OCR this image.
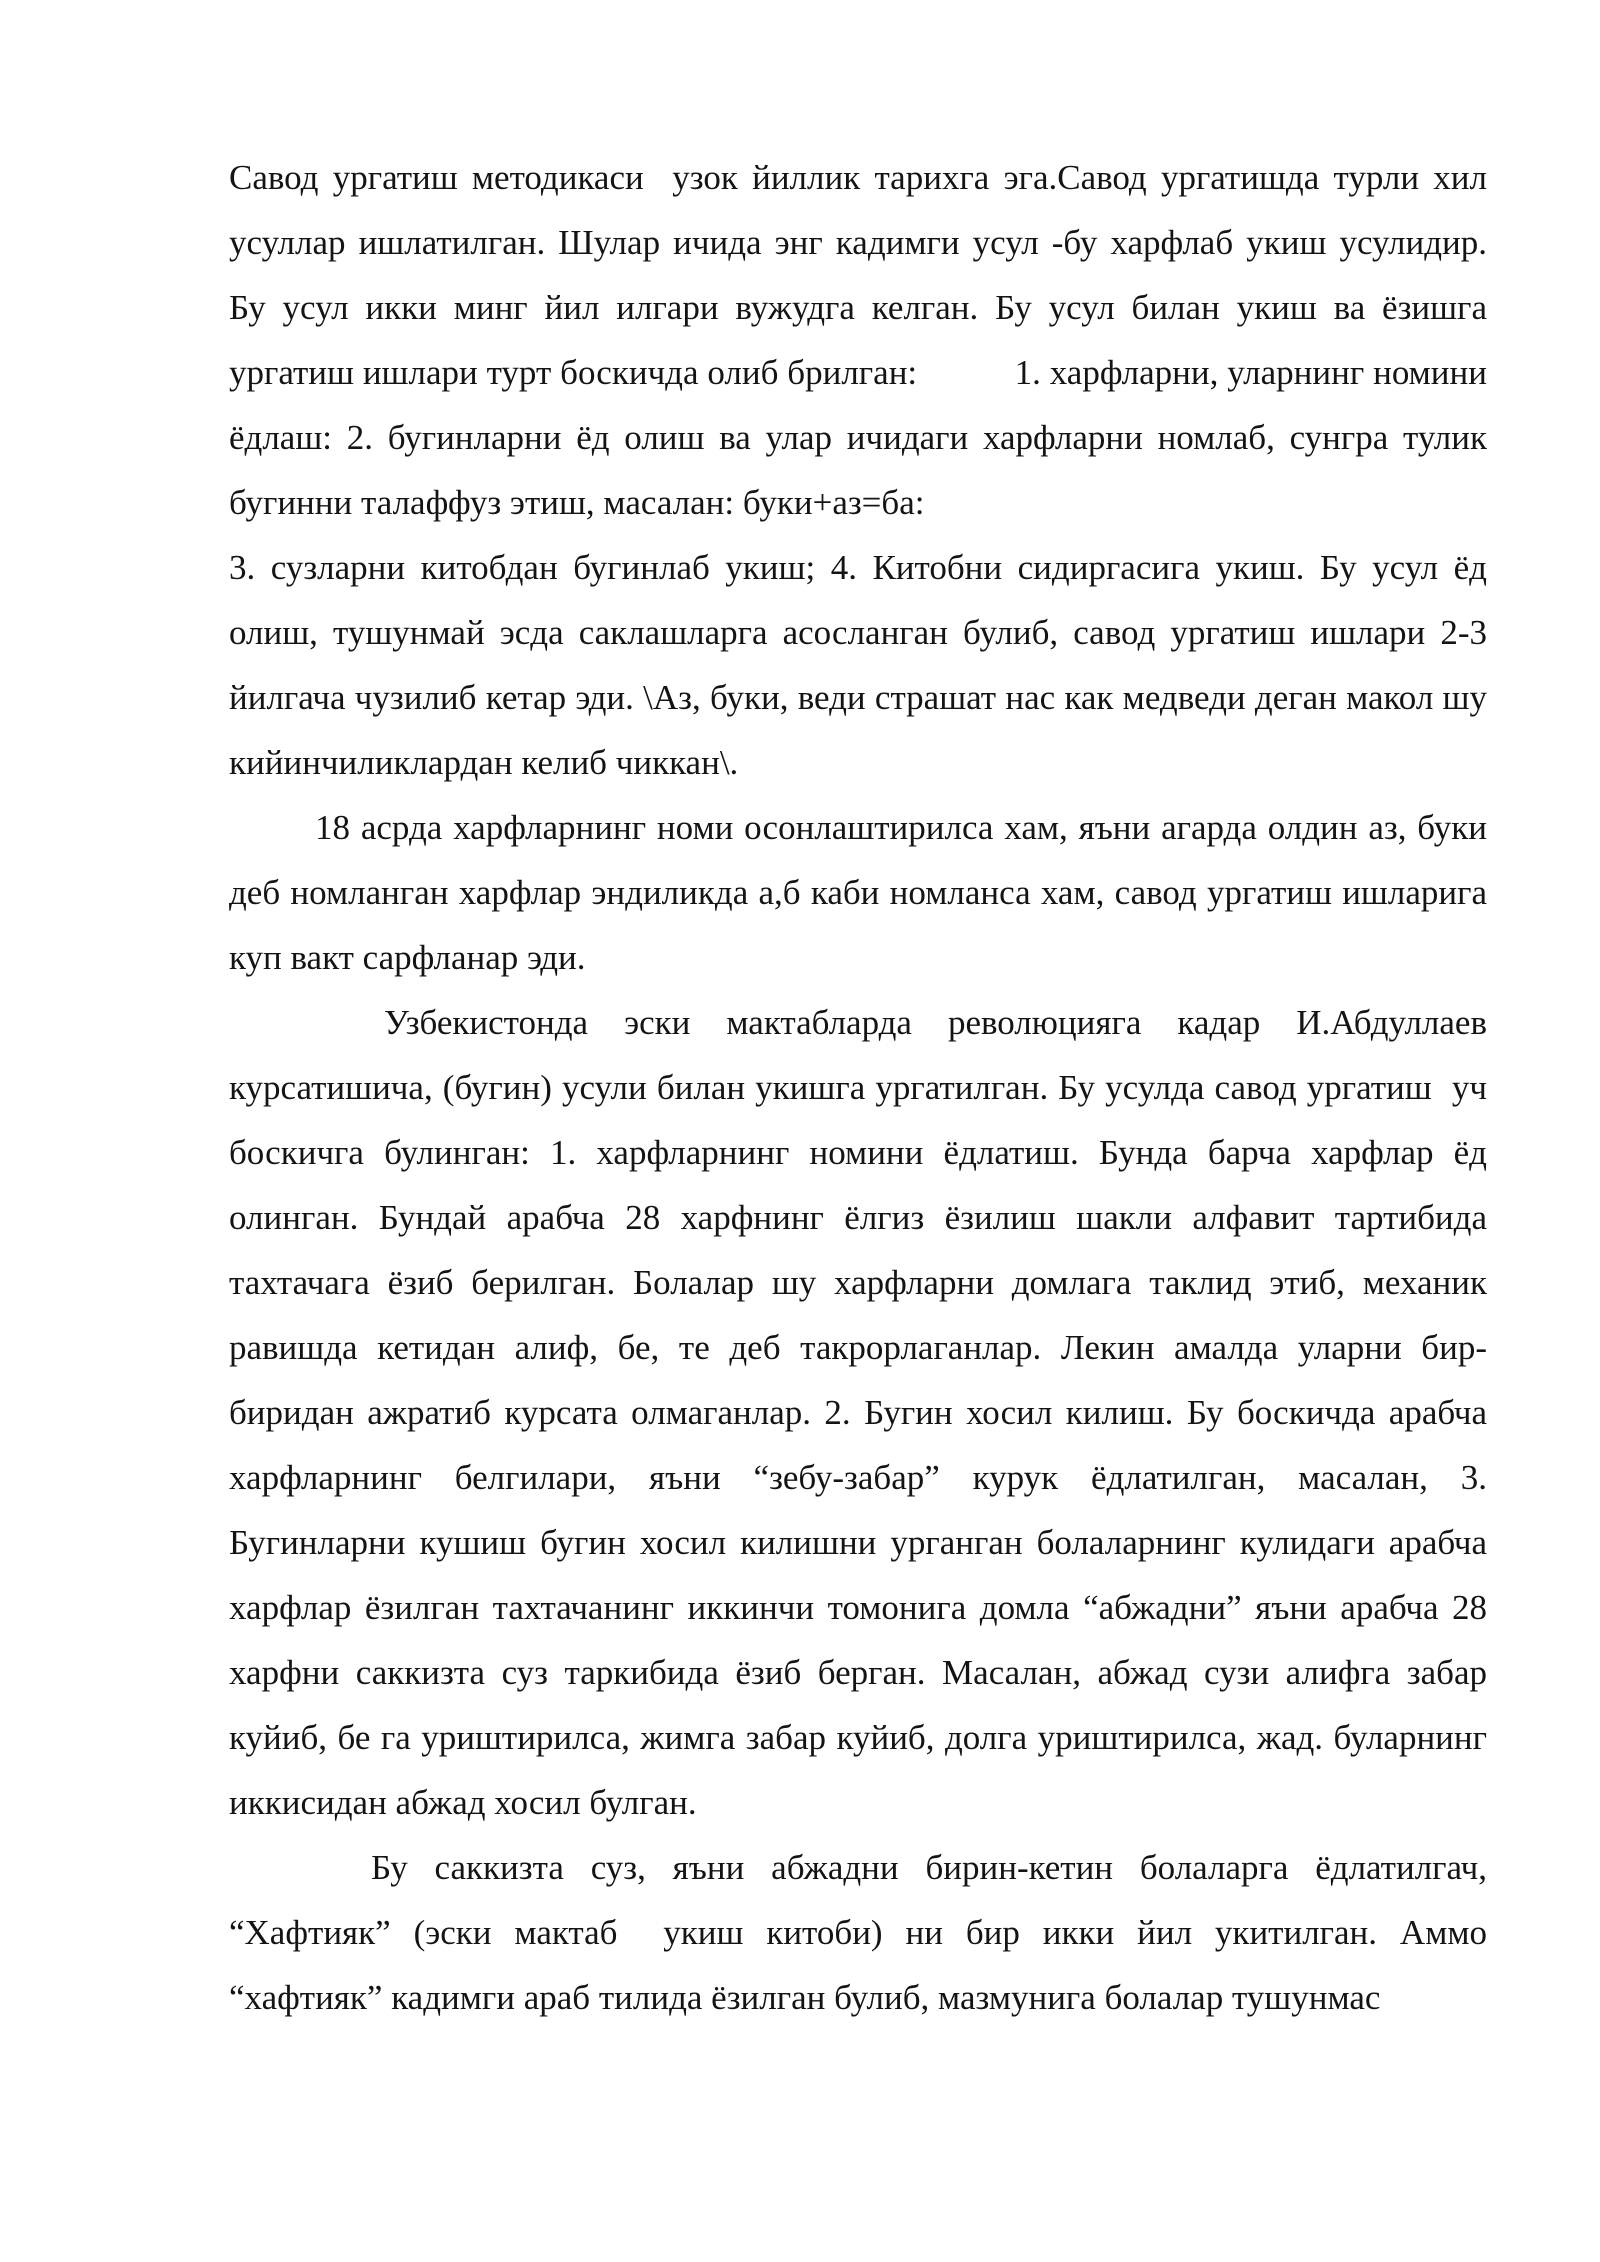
Савод ургатиш методикаси  узок йиллик тарихга эга.Савод ургатишда турли хил усуллар ишлатилган. Шулар ичида энг кадимги усул -бу харфлаб укиш усулидир. Бу усул икки минг йил илгари вужудга келган. Бу усул билан укиш ва ёзишга ургатиш ишлари турт боскичда олиб брилган:           1. харфларни, уларнинг номини ёдлаш: 2. бугинларни ёд олиш ва улар ичидаги харфларни номлаб, сунгра тулик бугинни талаффуз этиш, масалан: буки+аз=ба:

3. сузларни китобдан бугинлаб укиш; 4. Китобни сидиргасига укиш. Бу усул ёд олиш, тушунмай эсда саклашларга асосланган булиб, савод ургатиш ишлари 2-3 йилгача чузилиб кетар эди. \Аз, буки, веди страшат нас как медведи деган макол шу кийинчиликлардан келиб чиккан\.

18 асрда харфларнинг номи осонлаштирилса хам, яъни агарда олдин аз, буки деб номланган харфлар эндиликда а,б каби номланса хам, савод ургатиш ишларига куп вакт сарфланар эди.

Узбекистонда эски мактабларда революцияга кадар И.Абдуллаев курсатишича, (бугин) усули билан укишга ургатилган. Бу усулда савод ургатиш  уч боскичга булинган: 1. харфларнинг номини ёдлатиш. Бунда барча харфлар ёд олинган. Бундай арабча 28 харфнинг ёлгиз ёзилиш шакли алфавит тартибида тахтачага ёзиб берилган. Болалар шу харфларни домлага таклид этиб, механик равишда кетидан алиф, бе, те деб такрорлаганлар. Лекин амалда уларни бир-биридан ажратиб курсата олмаганлар. 2. Бугин хосил килиш. Бу боскичда арабча харфларнинг белгилари, яъни “зебу-забар” курук ёдлатилган, масалан, 3. Бугинларни кушиш бугин хосил килишни урганган болаларнинг кулидаги арабча харфлар ёзилган тахтачанинг иккинчи томонига домла “абжадни” яъни арабча 28 харфни саккизта суз таркибида ёзиб берган. Масалан, абжад сузи алифга забар куйиб, бе га уриштирилса, жимга забар куйиб, долга уриштирилса, жад. буларнинг иккисидан абжад хосил булган.

Бу саккизта суз, яъни абжадни бирин-кетин болаларга ёдлатилгач, “Хафтияк” (эски мактаб  укиш китоби) ни бир икки йил укитилган. Аммо “хафтияк” кадимги араб тилида ёзилган булиб, мазмунига болалар тушунмас
